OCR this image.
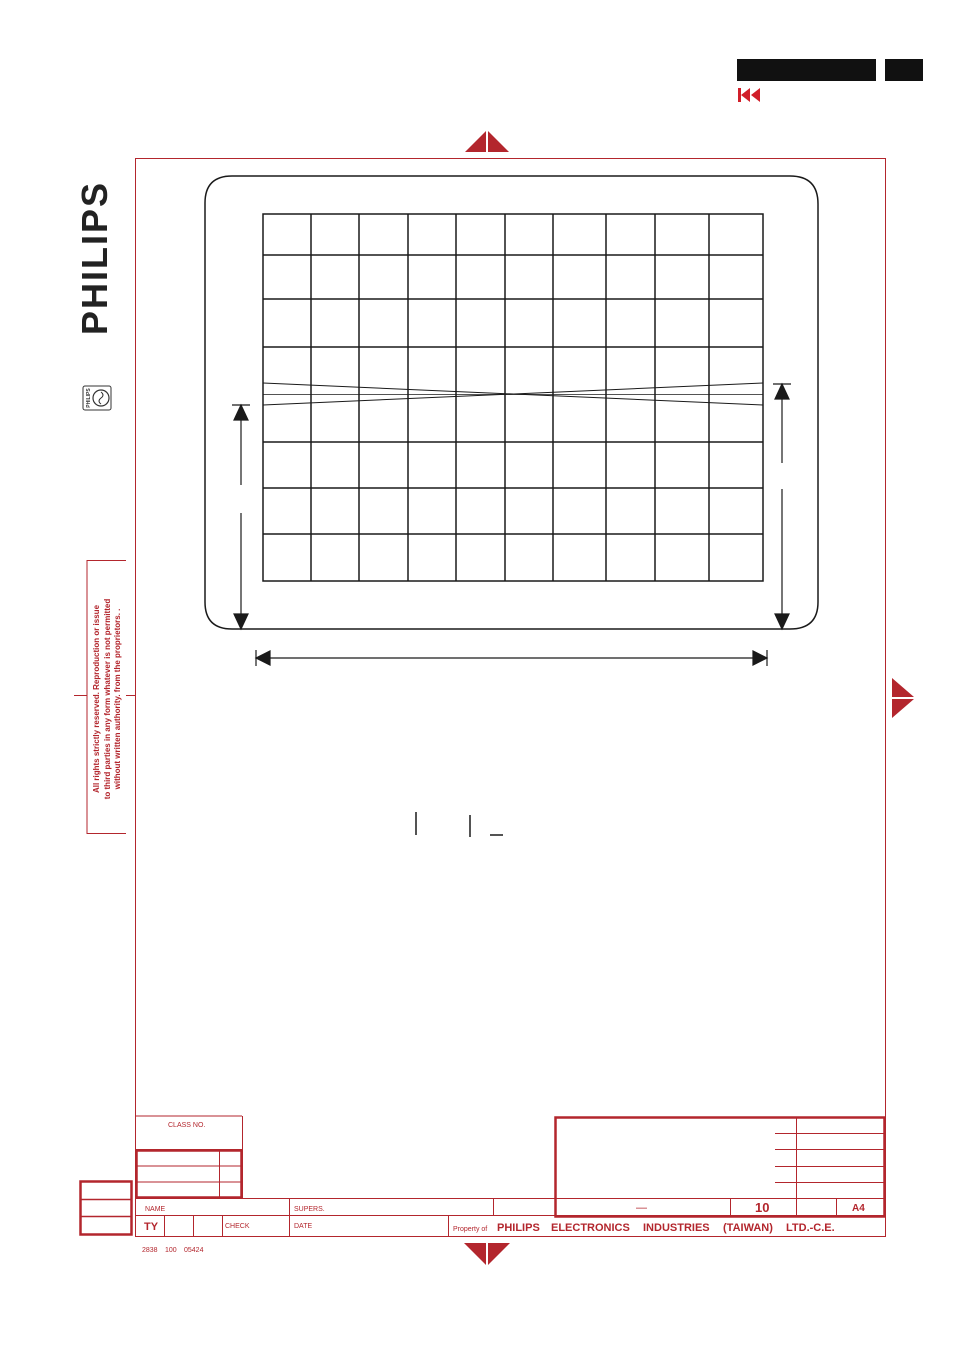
CLASS NO.
NAME	SUPERS.
CHECK	DATE
TY
—	10	A4
Property of PHILIPS ELECTRONICS INDUSTRIES (TAIWAN) LTD.-C.E.
2838 100 05424
PHILIPS
PHILIPS
All rights strictly reserved. Reproduction or issue to third parties in any form whatever is not permitted without written authority. from the proprietors. .
